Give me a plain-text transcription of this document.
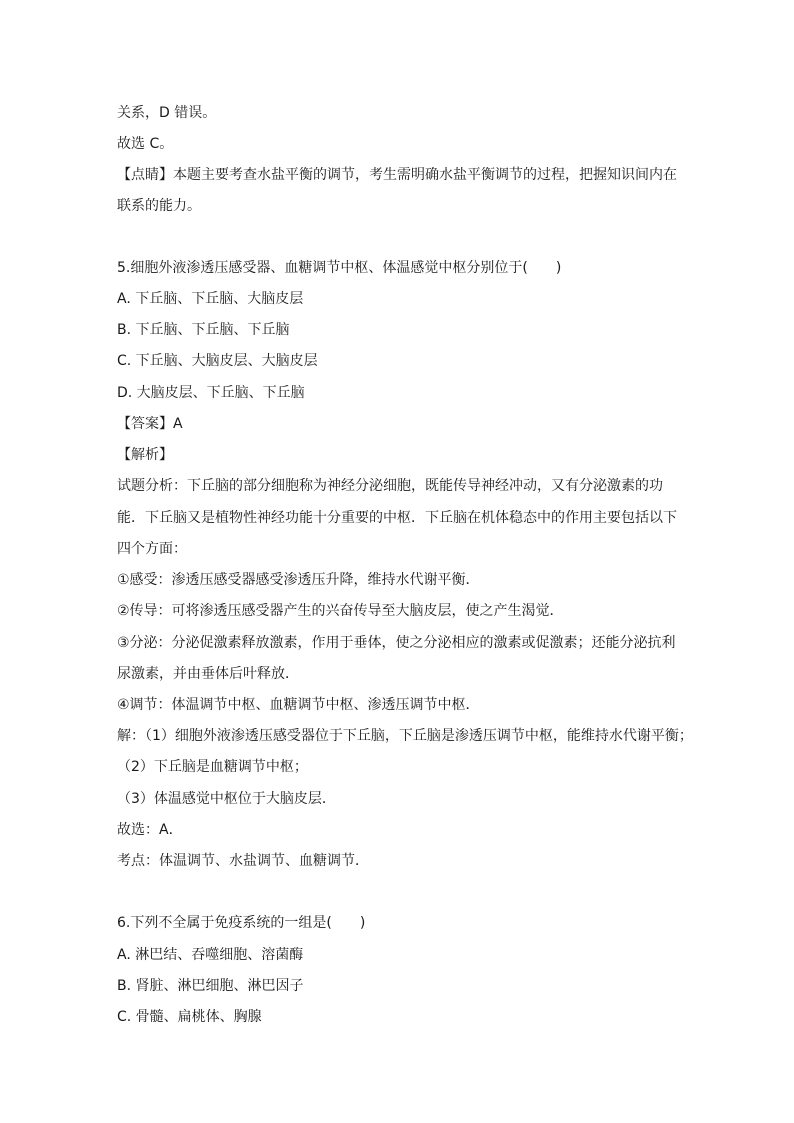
关系，D 错误。
故选 C。
【点睛】本题主要考查水盐平衡的调节，考生需明确水盐平衡调节的过程，把握知识间内在
联系的能力。
5.细胞外液渗透压感受器、血糖调节中枢、体温感觉中枢分别位于(　　)
A. 下丘脑、下丘脑、大脑皮层
B. 下丘脑、下丘脑、下丘脑
C. 下丘脑、大脑皮层、大脑皮层
D. 大脑皮层、下丘脑、下丘脑
【答案】A
【解析】
试题分析：下丘脑的部分细胞称为神经分泌细胞，既能传导神经冲动，又有分泌激素的功
能．下丘脑又是植物性神经功能十分重要的中枢．下丘脑在机体稳态中的作用主要包括以下
四个方面：
①感受：渗透压感受器感受渗透压升降，维持水代谢平衡．
②传导：可将渗透压感受器产生的兴奋传导至大脑皮层，使之产生渴觉．
③分泌：分泌促激素释放激素，作用于垂体，使之分泌相应的激素或促激素；还能分泌抗利
尿激素，并由垂体后叶释放．
④调节：体温调节中枢、血糖调节中枢、渗透压调节中枢．
解：（1）细胞外液渗透压感受器位于下丘脑，下丘脑是渗透压调节中枢，能维持水代谢平衡；
（2）下丘脑是血糖调节中枢；
（3）体温感觉中枢位于大脑皮层．
故选：A．
考点：体温调节、水盐调节、血糖调节．
6.下列不全属于免疫系统的一组是(　　)
A. 淋巴结、吞噬细胞、溶菌酶
B. 肾脏、淋巴细胞、淋巴因子
C. 骨髓、扁桃体、胸腺
